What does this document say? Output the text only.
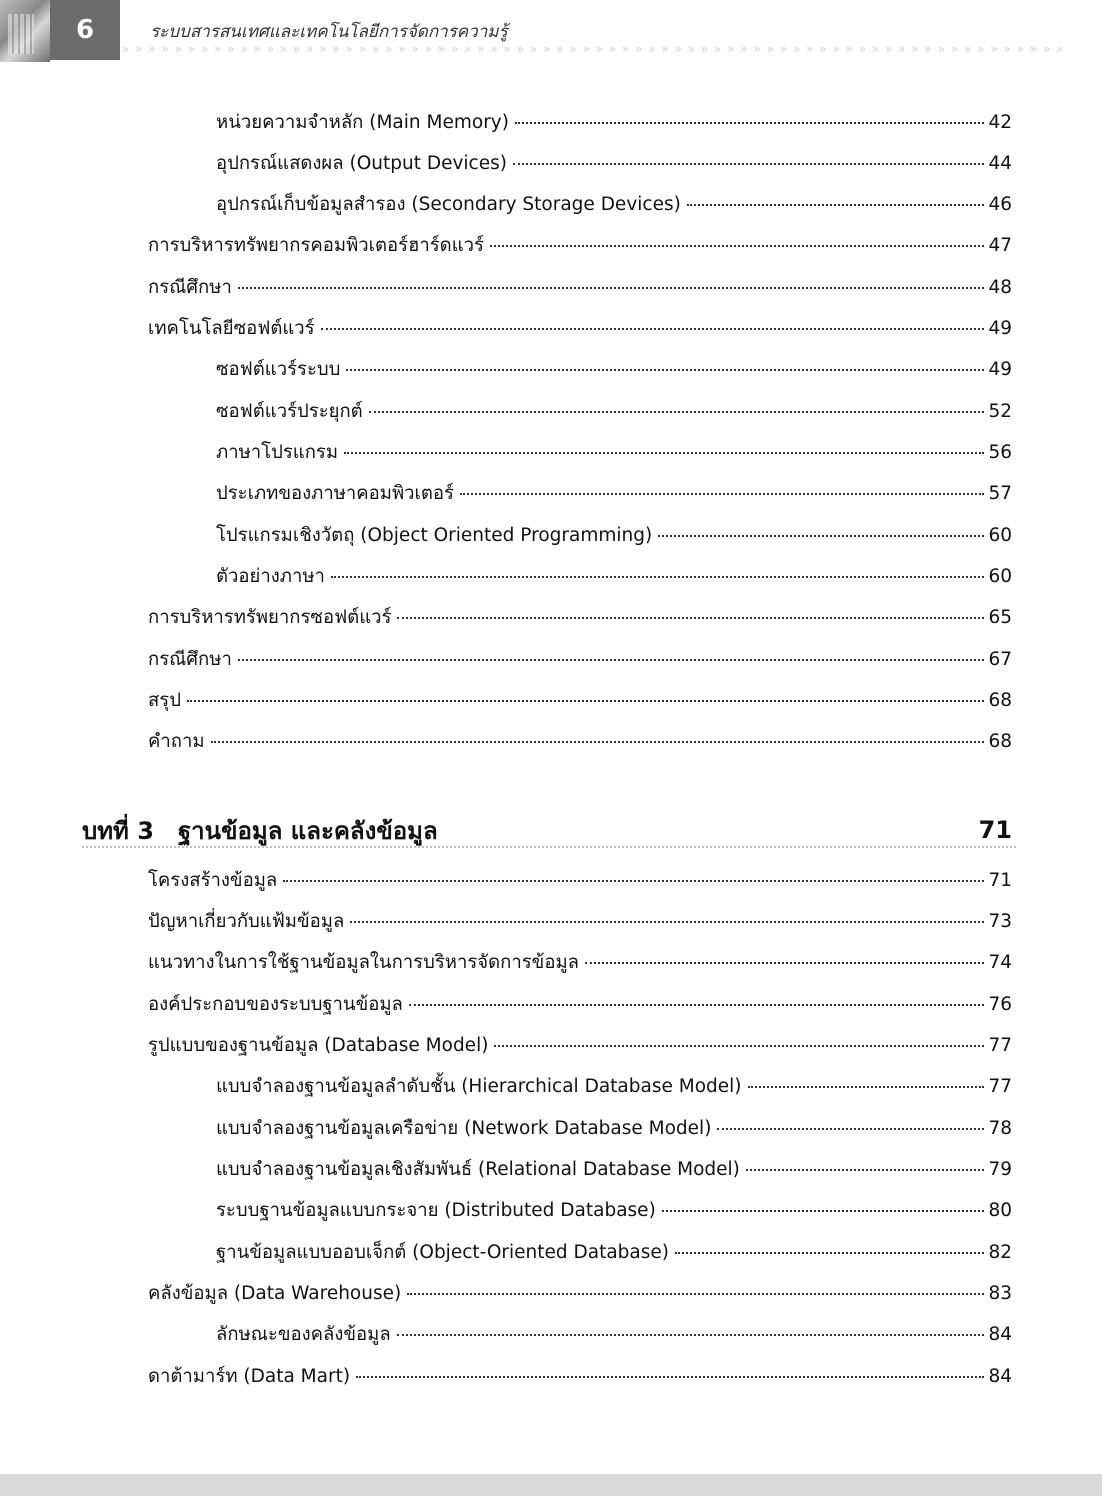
6	ระบบสารสนเทศและเทคโนโลยีการจัดการความรู้
» » » » » » » » » » » » » » » » » » » » » » » » » » » » » » » » » » » » » » » » » » » » » » » » » » » » » » » » » » » » » » » » » » » » » » » »
หน่วยความจำหลัก (Main Memory)	42
อุปกรณ์แสดงผล (Output Devices)	44
อุปกรณ์เก็บข้อมูลสำรอง (Secondary Storage Devices)	46
การบริหารทรัพยากรคอมพิวเตอร์ฮาร์ดแวร์	47
กรณีศึกษา	48
เทคโนโลยีซอฟต์แวร์	49
ซอฟต์แวร์ระบบ	49
ซอฟต์แวร์ประยุกต์	52
ภาษาโปรแกรม	56
ประเภทของภาษาคอมพิวเตอร์	57
โปรแกรมเชิงวัตถุ (Object Oriented Programming)	60
ตัวอย่างภาษา	60
การบริหารทรัพยากรซอฟต์แวร์	65
กรณีศึกษา	67
สรุป	68
คำถาม	68
บทที่ 3 ฐานข้อมูล และคลังข้อมูล	71
โครงสร้างข้อมูล	71
ปัญหาเกี่ยวกับแฟ้มข้อมูล	73
แนวทางในการใช้ฐานข้อมูลในการบริหารจัดการข้อมูล	74
องค์ประกอบของระบบฐานข้อมูล	76
รูปแบบของฐานข้อมูล (Database Model)	77
แบบจำลองฐานข้อมูลลำดับชั้น (Hierarchical Database Model)	77
แบบจำลองฐานข้อมูลเครือข่าย (Network Database Model)	78
แบบจำลองฐานข้อมูลเชิงสัมพันธ์ (Relational Database Model)	79
ระบบฐานข้อมูลแบบกระจาย (Distributed Database)	80
ฐานข้อมูลแบบออบเจ็กต์ (Object-Oriented Database)	82
คลังข้อมูล (Data Warehouse)	83
ลักษณะของคลังข้อมูล	84
ดาต้ามาร์ท (Data Mart)	84
